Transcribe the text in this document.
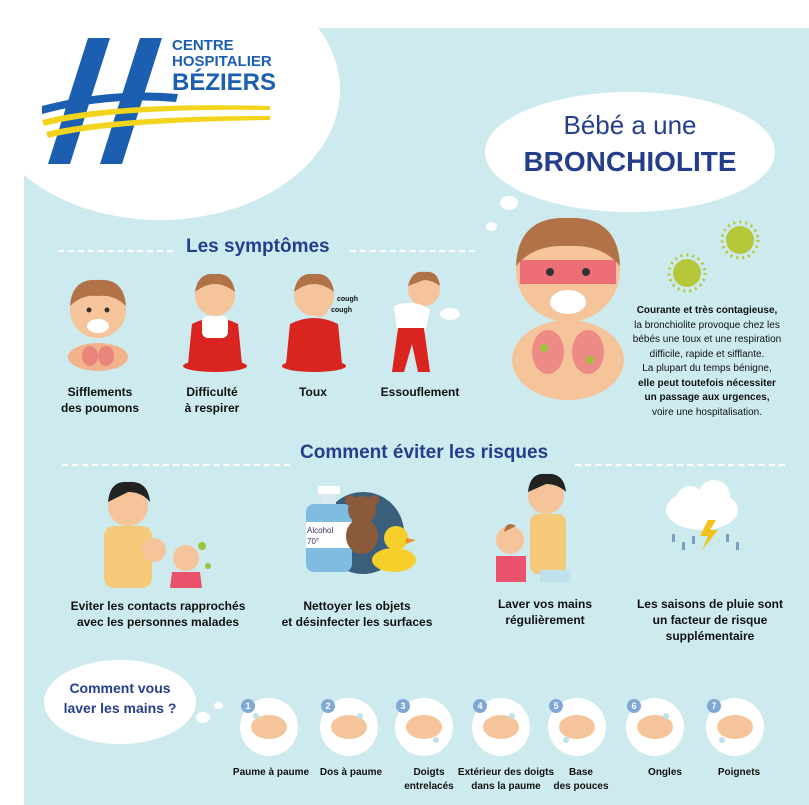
CENTRE
HOSPITALIER
BÉZIERS
Bébé a une
BRONCHIOLITE
Les symptômes
cough
cough
Sifflements
des poumons
Difficulté
à respirer
Toux	Essouflement
Courante et très contagieuse,
la bronchiolite provoque chez les
bébés une toux et une respiration
difficile, rapide et sifflante.
La plupart du temps bénigne,
elle peut toutefois nécessiter
un passage aux urgences,
voire une hospitalisation.
Comment éviter les risques
Alcohol
70°
Eviter les contacts rapprochés
avec les personnes malades
Nettoyer les objets
et désinfecter les surfaces
Laver vos mains
régulièrement
Les saisons de pluie sont
un facteur de risque
supplémentaire
Comment vous
laver les mains ?	1	2	3	4	5	6	7
Paume à paume	Dos à paume	Doigts
entrelacés
Extérieur des doigts
dans la paume
Base
des pouces
Ongles	Poignets
